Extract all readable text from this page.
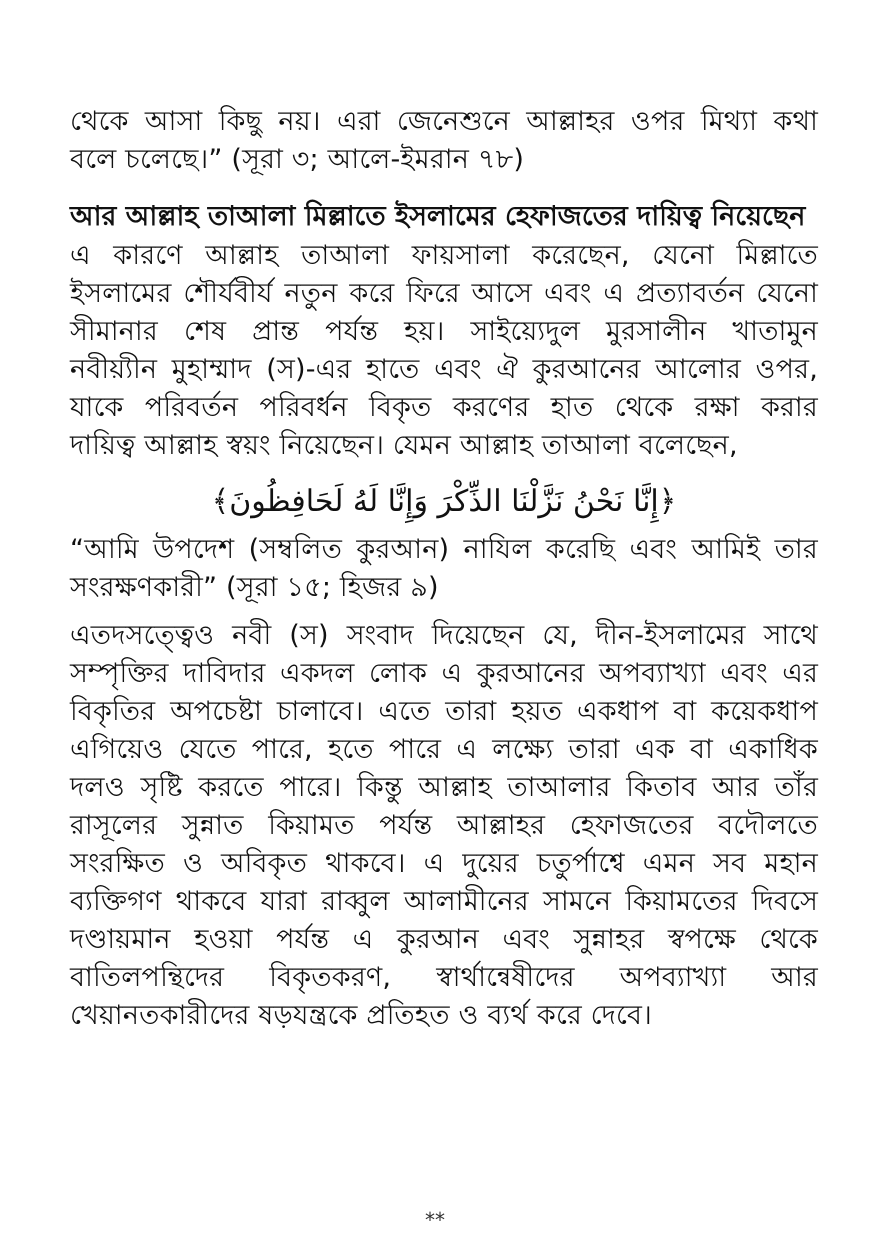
থেকে আসা কিছু নয়। এরা জেনেশুনে আল্লাহর ওপর মিথ্যা কথা
বলে চলেছে।” (সূরা ৩; আলে-ইমরান ৭৮)
আর আল্লাহ তাআলা মিল্লাতে ইসলামের হেফাজতের দায়িত্ব নিয়েছেন
এ কারণে আল্লাহ তাআলা ফায়সালা করেছেন, যেনো মিল্লাতে
ইসলামের শৌর্যবীর্য নতুন করে ফিরে আসে এবং এ প্রত্যাবর্তন যেনো
সীমানার শেষ প্রান্ত পর্যন্ত হয়। সাইয়্যেদুল মুরসালীন খাতামুন
নবীয়্যীন মুহাম্মাদ (স)-এর হাতে এবং ঐ কুরআনের আলোর ওপর,
যাকে পরিবর্তন পরিবর্ধন বিকৃত করণের হাত থেকে রক্ষা করার
দায়িত্ব আল্লাহ স্বয়ং নিয়েছেন। যেমন আল্লাহ তাআলা বলেছেন,
﴿إِنَّا نَحْنُ نَزَّلْنَا الذِّكْرَ وَإِنَّا لَهُ لَحَافِظُونَ﴾
“আমি উপদেশ (সম্বলিত কুরআন) নাযিল করেছি এবং আমিই তার
সংরক্ষণকারী” (সূরা ১৫; হিজর ৯)
এতদসত্ত্বেও নবী (স) সংবাদ দিয়েছেন যে, দীন-ইসলামের সাথে
সম্পৃক্তির দাবিদার একদল লোক এ কুরআনের অপব্যাখ্যা এবং এর
বিকৃতির অপচেষ্টা চালাবে। এতে তারা হয়ত একধাপ বা কয়েকধাপ
এগিয়েও যেতে পারে, হতে পারে এ লক্ষ্যে তারা এক বা একাধিক
দলও সৃষ্টি করতে পারে। কিন্তু আল্লাহ তাআলার কিতাব আর তাঁর
রাসূলের সুন্নাত কিয়ামত পর্যন্ত আল্লাহর হেফাজতের বদৌলতে
সংরক্ষিত ও অবিকৃত থাকবে। এ দুয়ের চতুর্পাশ্বে এমন সব মহান
ব্যক্তিগণ থাকবে যারা রাব্বুল আলামীনের সামনে কিয়ামতের দিবসে
দণ্ডায়মান হওয়া পর্যন্ত এ কুরআন এবং সুন্নাহর স্বপক্ষে থেকে
বাতিলপন্থিদের বিকৃতকরণ, স্বার্থান্বেষীদের অপব্যাখ্যা আর
খেয়ানতকারীদের ষড়যন্ত্রকে প্রতিহত ও ব্যর্থ করে দেবে।
**
